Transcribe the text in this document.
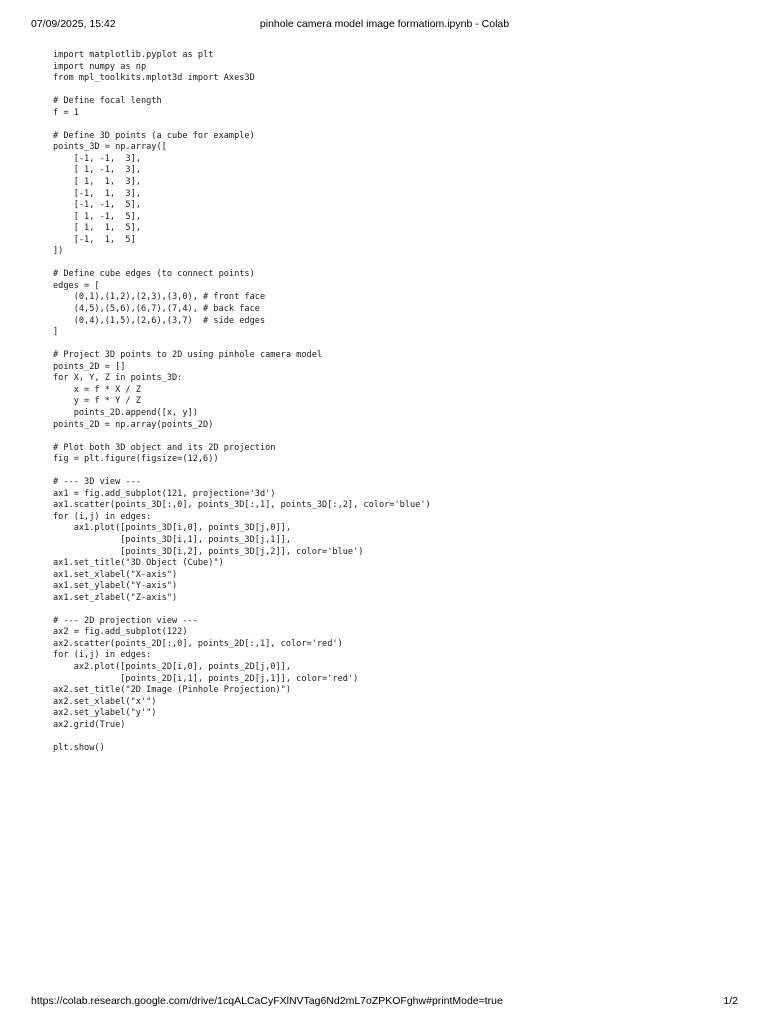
07/09/2025, 15:42	pinhole camera model image formatiom.ipynb - Colab
import matplotlib.pyplot as plt
import numpy as np
from mpl_toolkits.mplot3d import Axes3D
# Define focal length
f = 1
# Define 3D points (a cube for example)
points_3D = np.array([
[-1, -1,  3],
[ 1, -1,  3],
[ 1,  1,  3],
[-1,  1,  3],
[-1, -1,  5],
[ 1, -1,  5],
[ 1,  1,  5],
[-1,  1,  5]
])
# Define cube edges (to connect points)
edges = [
(0,1),(1,2),(2,3),(3,0), # front face
(4,5),(5,6),(6,7),(7,4), # back face
(0,4),(1,5),(2,6),(3,7)  # side edges
]
# Project 3D points to 2D using pinhole camera model
points_2D = []
for X, Y, Z in points_3D:
x = f * X / Z
y = f * Y / Z
points_2D.append([x, y])
points_2D = np.array(points_2D)
# Plot both 3D object and its 2D projection
fig = plt.figure(figsize=(12,6))
# --- 3D view ---
ax1 = fig.add_subplot(121, projection='3d')
ax1.scatter(points_3D[:,0], points_3D[:,1], points_3D[:,2], color='blue')
for (i,j) in edges:
ax1.plot([points_3D[i,0], points_3D[j,0]],
[points_3D[i,1], points_3D[j,1]],
[points_3D[i,2], points_3D[j,2]], color='blue')
ax1.set_title("3D Object (Cube)")
ax1.set_xlabel("X-axis")
ax1.set_ylabel("Y-axis")
ax1.set_zlabel("Z-axis")
# --- 2D projection view ---
ax2 = fig.add_subplot(122)
ax2.scatter(points_2D[:,0], points_2D[:,1], color='red')
for (i,j) in edges:
ax2.plot([points_2D[i,0], points_2D[j,0]],
[points_2D[i,1], points_2D[j,1]], color='red')
ax2.set_title("2D Image (Pinhole Projection)")
ax2.set_xlabel("x'")
ax2.set_ylabel("y'")
ax2.grid(True)
plt.show()
https://colab.research.google.com/drive/1cqALCaCyFXlNVTag6Nd2mL7oZPKOFghw#printMode=true	1/2
